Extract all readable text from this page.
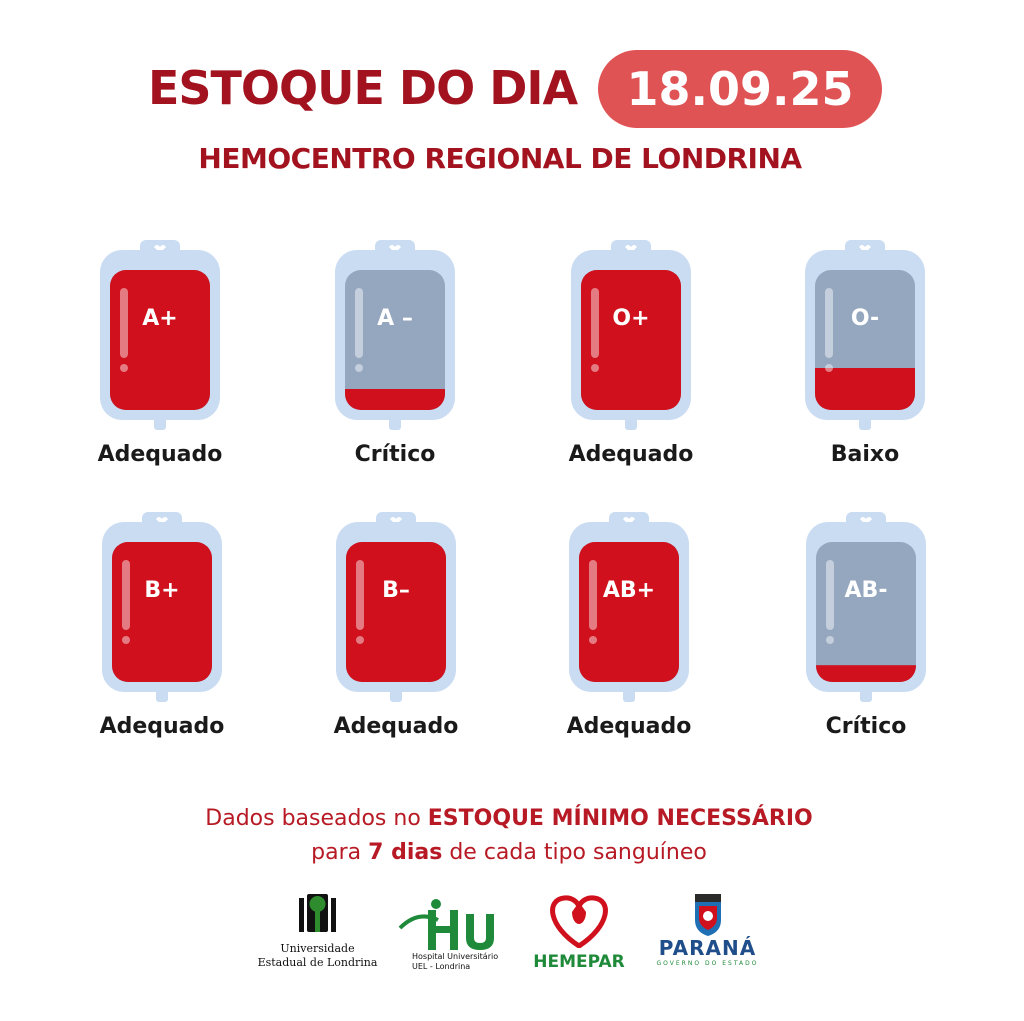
ESTOQUE DO DIA 18.09.25
HEMOCENTRO REGIONAL DE LONDRINA
A+
Adequado
A –
Crítico
O+
Adequado
O-
Baixo
B+
Adequado
B–
Adequado
AB+
Adequado
AB-
Crítico
Dados baseados no ESTOQUE MÍNIMO NECESSÁRIO
para 7 dias de cada tipo sanguíneo
Universidade
Estadual de Londrina	Hospital Universitário
UEL - Londrina	HEMEPAR
PARANÁ
GOVERNO DO ESTADO
